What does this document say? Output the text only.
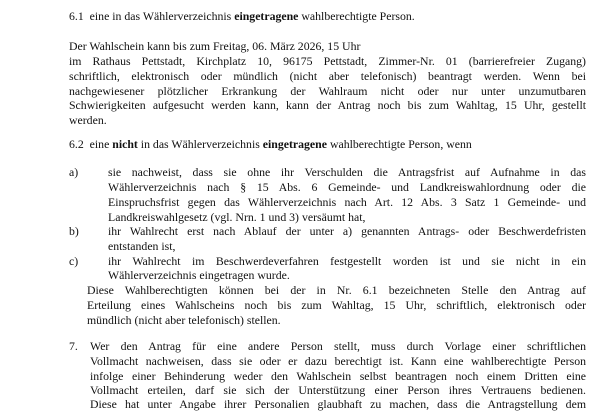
6.1 eine in das Wählerverzeichnis eingetragene wahlberechtigte Person.
Der Wahlschein kann bis zum Freitag, 06. März 2026, 15 Uhr
im Rathaus Pettstadt, Kirchplatz 10, 96175 Pettstadt, Zimmer-Nr. 01 (barrierefreier Zugang)
schriftlich, elektronisch oder mündlich (nicht aber telefonisch) beantragt werden. Wenn bei
nachgewiesener plötzlicher Erkrankung der Wahlraum nicht oder nur unter unzumutbaren
Schwierigkeiten aufgesucht werden kann, kann der Antrag noch bis zum Wahltag, 15 Uhr, gestellt
werden.
6.2 eine nicht in das Wählerverzeichnis eingetragene wahlberechtigte Person, wenn
a)	sie nachweist, dass sie ohne ihr Verschulden die Antragsfrist auf Aufnahme in das
Wählerverzeichnis nach § 15 Abs. 6 Gemeinde- und Landkreiswahlordnung oder die
Einspruchsfrist gegen das Wählerverzeichnis nach Art. 12 Abs. 3 Satz 1 Gemeinde- und
Landkreiswahlgesetz (vgl. Nrn. 1 und 3) versäumt hat,
b) ihr Wahlrecht erst nach Ablauf der unter a) genannten Antrags- oder Beschwerdefristen
entstanden ist,
c)	ihr Wahlrecht im Beschwerdeverfahren festgestellt worden ist und sie nicht in ein
Wählerverzeichnis eingetragen wurde.
Diese Wahlberechtigten können bei der in Nr. 6.1 bezeichneten Stelle den Antrag auf
Erteilung eines Wahlscheins noch bis zum Wahltag, 15 Uhr, schriftlich, elektronisch oder
mündlich (nicht aber telefonisch) stellen.
7. Wer den Antrag für eine andere Person stellt, muss durch Vorlage einer schriftlichen
Vollmacht nachweisen, dass sie oder er dazu berechtigt ist. Kann eine wahlberechtigte Person
infolge einer Behinderung weder den Wahlschein selbst beantragen noch einem Dritten eine
Vollmacht erteilen, darf sie sich der Unterstützung einer Person ihres Vertrauens bedienen.
Diese hat unter Angabe ihrer Personalien glaubhaft zu machen, dass die Antragstellung dem
